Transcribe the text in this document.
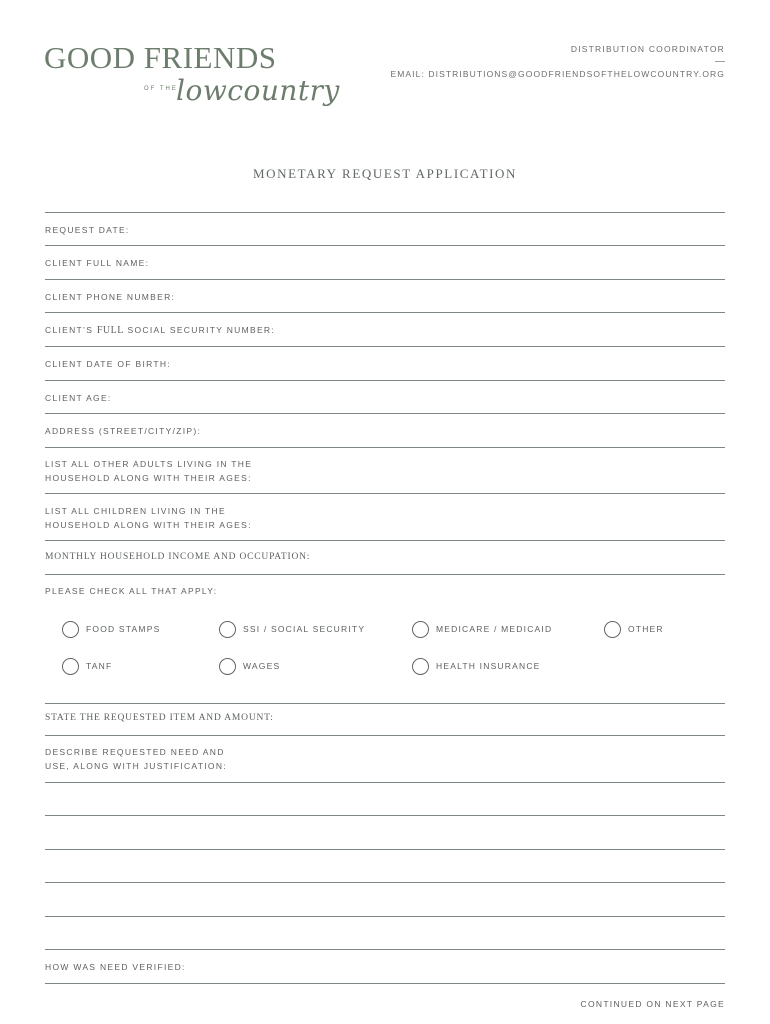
GOOD FRIENDS
OF THE
lowcountry
DISTRIBUTION COORDINATOR
EMAIL: DISTRIBUTIONS@GOODFRIENDSOFTHELOWCOUNTRY.ORG
MONETARY REQUEST APPLICATION
REQUEST DATE:
CLIENT FULL NAME:
CLIENT PHONE NUMBER:
CLIENT’S FULL SOCIAL SECURITY NUMBER:
CLIENT DATE OF BIRTH:
CLIENT AGE:
ADDRESS (STREET/CITY/ZIP):
LIST ALL OTHER ADULTS LIVING IN THE
HOUSEHOLD ALONG WITH THEIR AGES:
LIST ALL CHILDREN LIVING IN THE
HOUSEHOLD ALONG WITH THEIR AGES:
MONTHLY HOUSEHOLD INCOME AND OCCUPATION:
PLEASE CHECK ALL THAT APPLY:
FOOD STAMPS	SSI / SOCIAL SECURITY	MEDICARE / MEDICAID	OTHER
TANF	WAGES	HEALTH INSURANCE
STATE THE REQUESTED ITEM AND AMOUNT:
DESCRIBE REQUESTED NEED AND
USE, ALONG WITH JUSTIFICATION:
HOW WAS NEED VERIFIED:
CONTINUED ON NEXT PAGE
